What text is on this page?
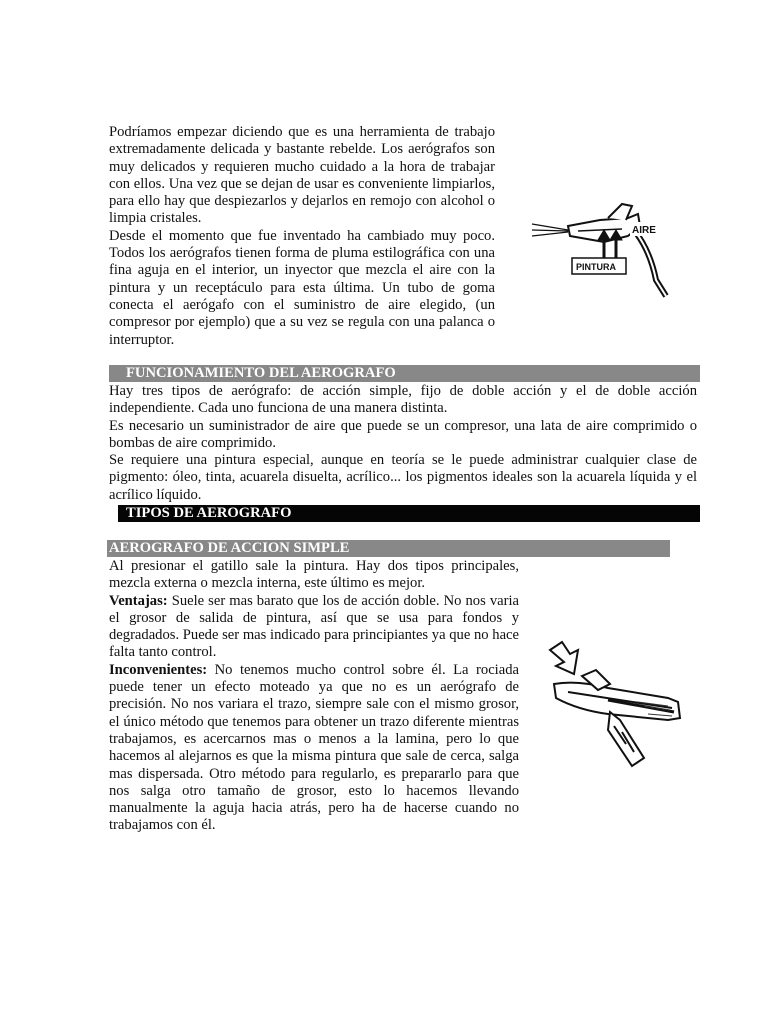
Podríamos empezar diciendo que es una herramienta de trabajo extremadamente delicada y bastante rebelde. Los aerógrafos son muy delicados y requieren mucho cuidado a la hora de trabajar con ellos. Una vez que se dejan de usar es conveniente limpiarlos, para ello hay que despiezarlos y dejarlos en remojo con alcohol o limpia cristales.

Desde el momento que fue inventado ha cambiado muy poco. Todos los aerógrafos tienen forma de pluma estilográfica con una fina aguja en el interior, un inyector que mezcla el aire con la pintura y un receptáculo para esta última. Un tubo de goma conecta el aerógafo con el suministro de aire elegido, (un compresor por ejemplo) que a su vez se regula con una palanca o interruptor.

AIRE
PINTURA
FUNCIONAMIENTO DEL AEROGRAFO

Hay tres tipos de aerógrafo: de acción simple, fijo de doble acción y el de doble acción independiente. Cada uno funciona de una manera distinta.

Es necesario un suministrador de aire que puede se un compresor, una lata de aire comprimido o bombas de aire comprimido.

Se requiere una pintura especial, aunque en teoría se le puede administrar cualquier clase de pigmento: óleo, tinta, acuarela disuelta, acrílico... los pigmentos ideales son la acuarela líquida y el acrílico líquido.

TIPOS DE AEROGRAFO
AEROGRAFO DE ACCION SIMPLE

Al presionar el gatillo sale la pintura. Hay dos tipos principales, mezcla externa o mezcla interna, este último es mejor.

Ventajas: Suele ser mas barato que los de acción doble. No nos varia el grosor de salida de pintura, así que se usa para fondos y degradados. Puede ser mas indicado para principiantes ya que no hace falta tanto control.

Inconvenientes: No tenemos mucho control sobre él. La rociada puede tener un efecto moteado ya que no es un aerógrafo de precisión. No nos variara el trazo, siempre sale con el mismo grosor, el único método que tenemos para obtener un trazo diferente mientras trabajamos, es acercarnos mas o menos a la lamina, pero lo que hacemos al alejarnos es que la misma pintura que sale de cerca, salga mas dispersada. Otro método para regularlo, es prepararlo para que nos salga otro tamaño de grosor, esto lo hacemos llevando manualmente la aguja hacia atrás, pero ha de hacerse cuando no trabajamos con él.
